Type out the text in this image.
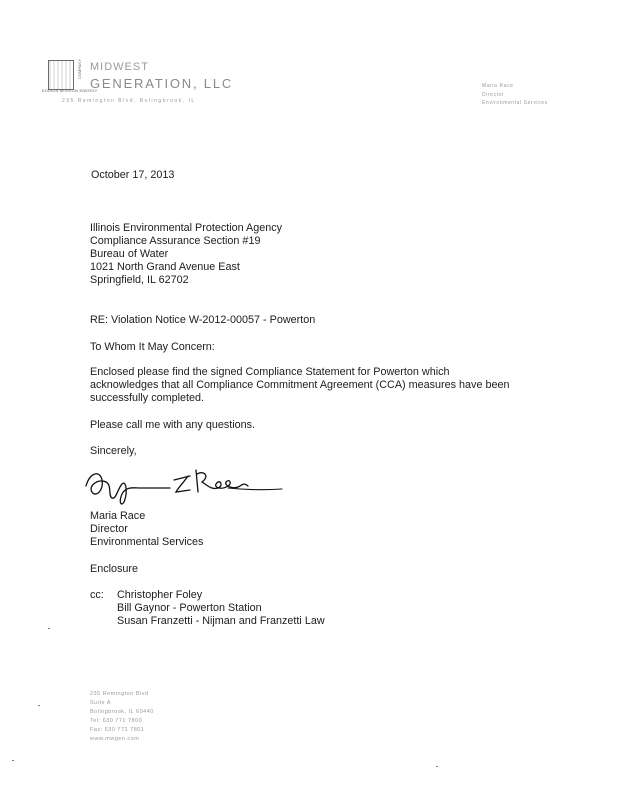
COMPANY
EDISON MISSION ENERGY
MIDWEST
GENERATION, LLC
235 Remington Blvd, Bolingbrook, IL
Maria Race
Director
Environmental Services
October 17, 2013
Illinois Environmental Protection Agency
Compliance Assurance Section #19
Bureau of Water
1021 North Grand Avenue East
Springfield, IL 62702
RE: Violation Notice W-2012-00057 - Powerton
To Whom It May Concern:
Enclosed please find the signed Compliance Statement for Powerton which
acknowledges that all Compliance Commitment Agreement (CCA) measures have been
successfully completed.
Please call me with any questions.
Sincerely,
Maria Race
Director
Environmental Services
Enclosure
cc: Christopher Foley
Bill Gaynor - Powerton Station
Susan Franzetti - Nijman and Franzetti Law
235 Remington Blvd
Suite A
Bolingbrook, IL 60440
Tel: 630 771 7800
Fax: 630 771 7801
www.mwgen.com
